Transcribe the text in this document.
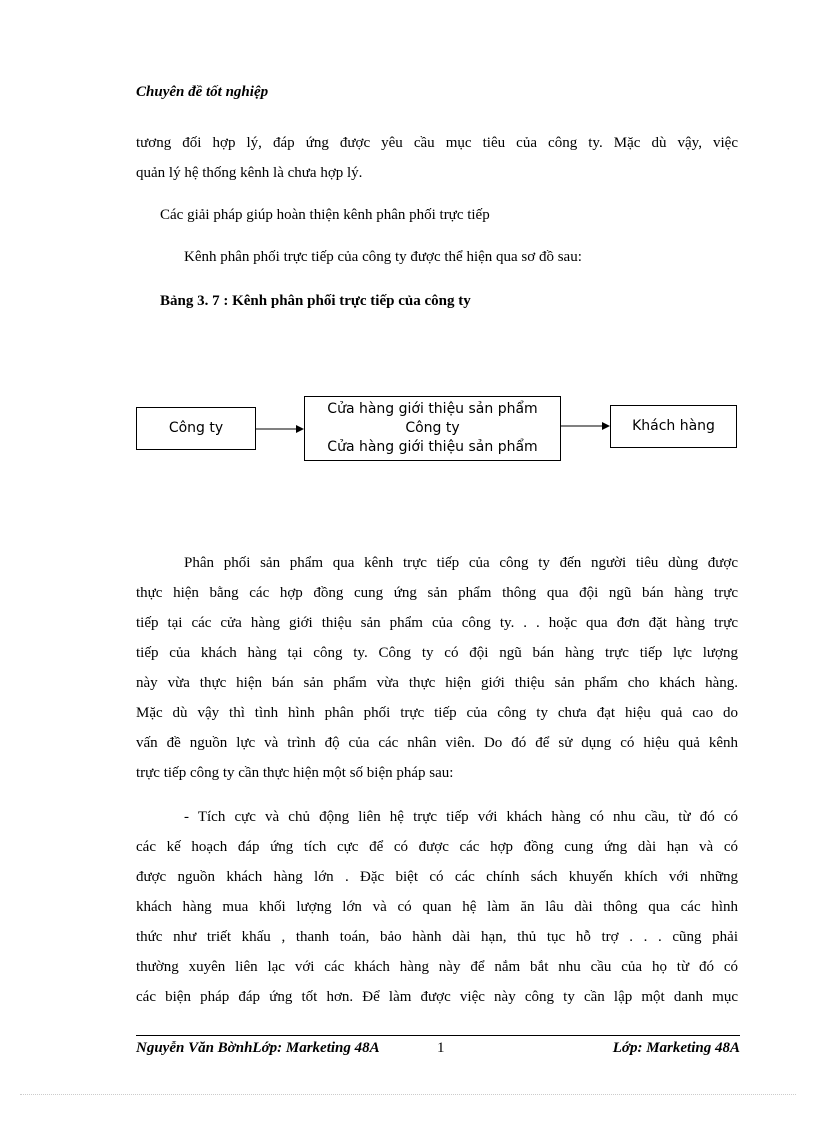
Chuyên đề tốt nghiệp
tương đối hợp lý, đáp ứng được yêu cầu mục tiêu của công ty. Mặc dù vậy, việc
quản lý hệ thống kênh là chưa hợp lý.
Các giải pháp giúp hoàn thiện kênh phân phối trực tiếp
Kênh phân phối trực tiếp của công ty được thể hiện qua sơ đồ sau:
Bảng 3. 7 : Kênh phân phối trực tiếp của công ty
Công ty
Cửa hàng giới thiệu sản phẩm
Công ty
Cửa hàng giới thiệu sản phẩm
Khách hàng
Phân phối sản phẩm qua kênh trực tiếp của công ty đến người tiêu dùng được
thực hiện bằng các hợp đồng cung ứng sản phẩm thông qua đội ngũ bán hàng trực
tiếp tại các cửa hàng giới thiệu sản phẩm của công ty. . . hoặc qua đơn đặt hàng trực
tiếp của khách hàng tại công ty. Công ty có đội ngũ bán hàng trực tiếp lực lượng
này vừa thực hiện bán sản phẩm vừa thực hiện giới thiệu sản phẩm cho khách hàng.
Mặc dù vậy thì tình hình phân phối trực tiếp của công ty chưa đạt hiệu quả cao do
vấn đề nguồn lực và trình độ của các nhân viên. Do đó để sử dụng có hiệu quả kênh
trực tiếp công ty cần thực hiện một số biện pháp sau:
- Tích cực và chủ động liên hệ trực tiếp với khách hàng có nhu cầu, từ đó có
các kế hoạch đáp ứng tích cực để có được các hợp đồng cung ứng dài hạn và có
được nguồn khách hàng lớn . Đặc biệt có các chính sách khuyến khích với những
khách hàng mua khối lượng lớn và có quan hệ làm ăn lâu dài thông qua các hình
thức như triết khấu , thanh toán, bảo hành dài hạn, thủ tục hỗ trợ . . . cũng phải
thường xuyên liên lạc với các khách hàng này để nắm bắt nhu cầu của họ từ đó có
các biện pháp đáp ứng tốt hơn. Để làm được việc này công ty cần lập một danh mục
Nguyễn Văn BờnhLớp: Marketing 48A	1	Lớp: Marketing 48A
